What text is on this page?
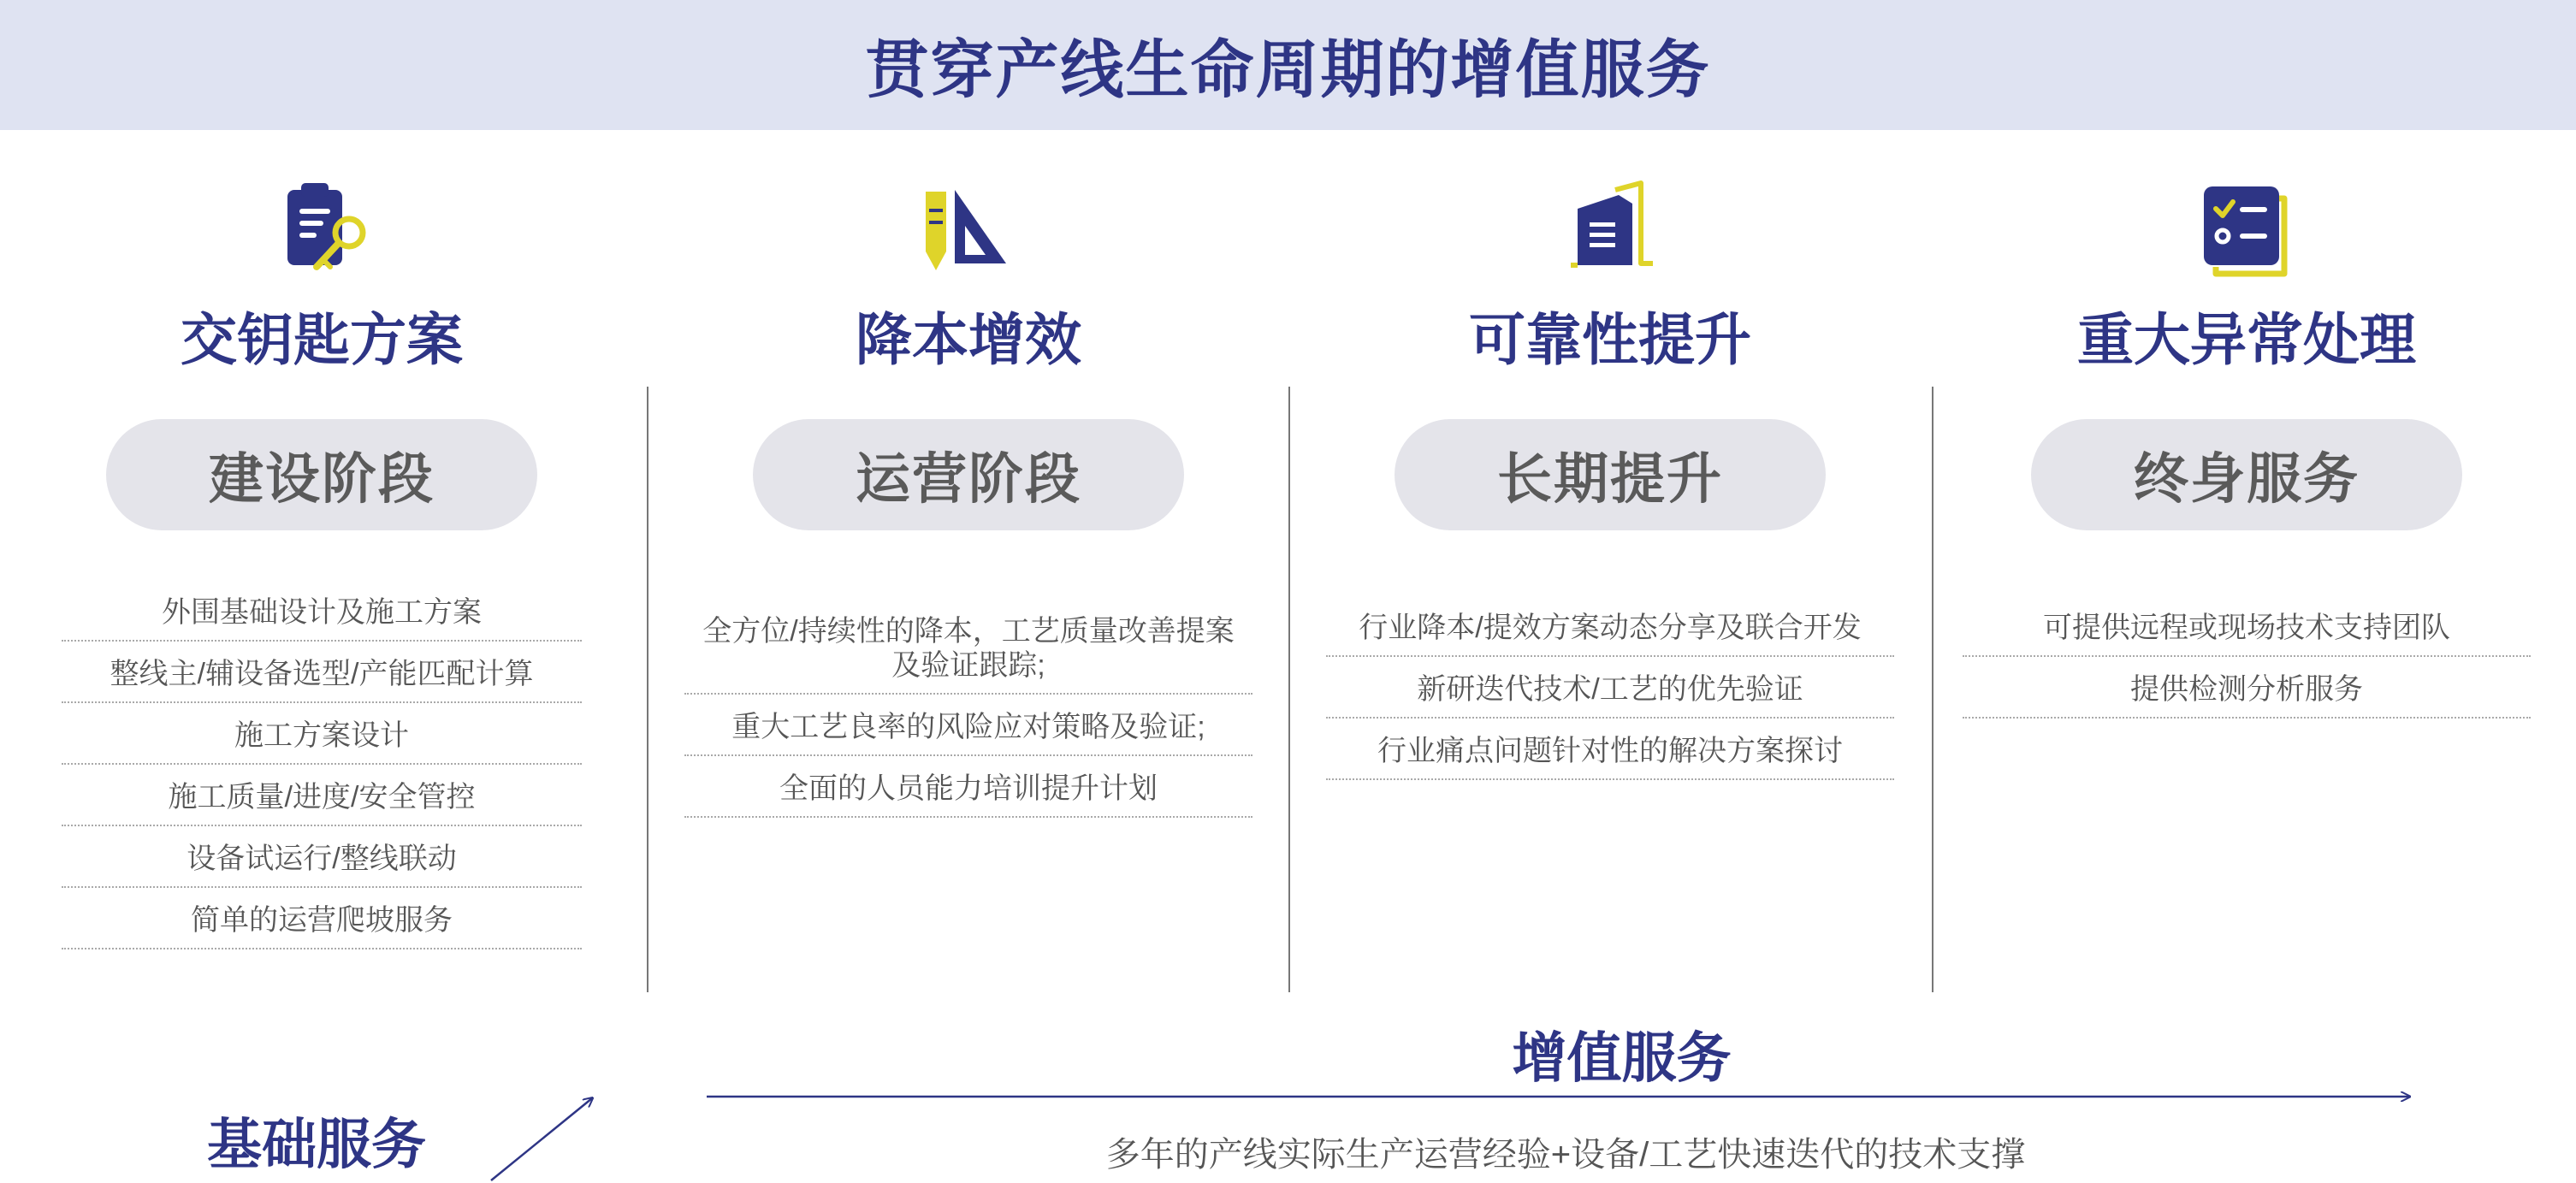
贯穿产线生命周期的增值服务
交钥匙方案
建设阶段
外围基础设计及施工方案
整线主/辅设备选型/产能匹配计算
施工方案设计
施工质量/进度/安全管控
设备试运行/整线联动
简单的运营爬坡服务
降本增效
运营阶段
全方位/持续性的降本，工艺质量改善提案及验证跟踪;
重大工艺良率的风险应对策略及验证;
全面的人员能力培训提升计划
可靠性提升
长期提升
行业降本/提效方案动态分享及联合开发
新研迭代技术/工艺的优先验证
行业痛点问题针对性的解决方案探讨
重大异常处理
终身服务
可提供远程或现场技术支持团队
提供检测分析服务
增值服务
基础服务	多年的产线实际生产运营经验+设备/工艺快速迭代的技术支撑
